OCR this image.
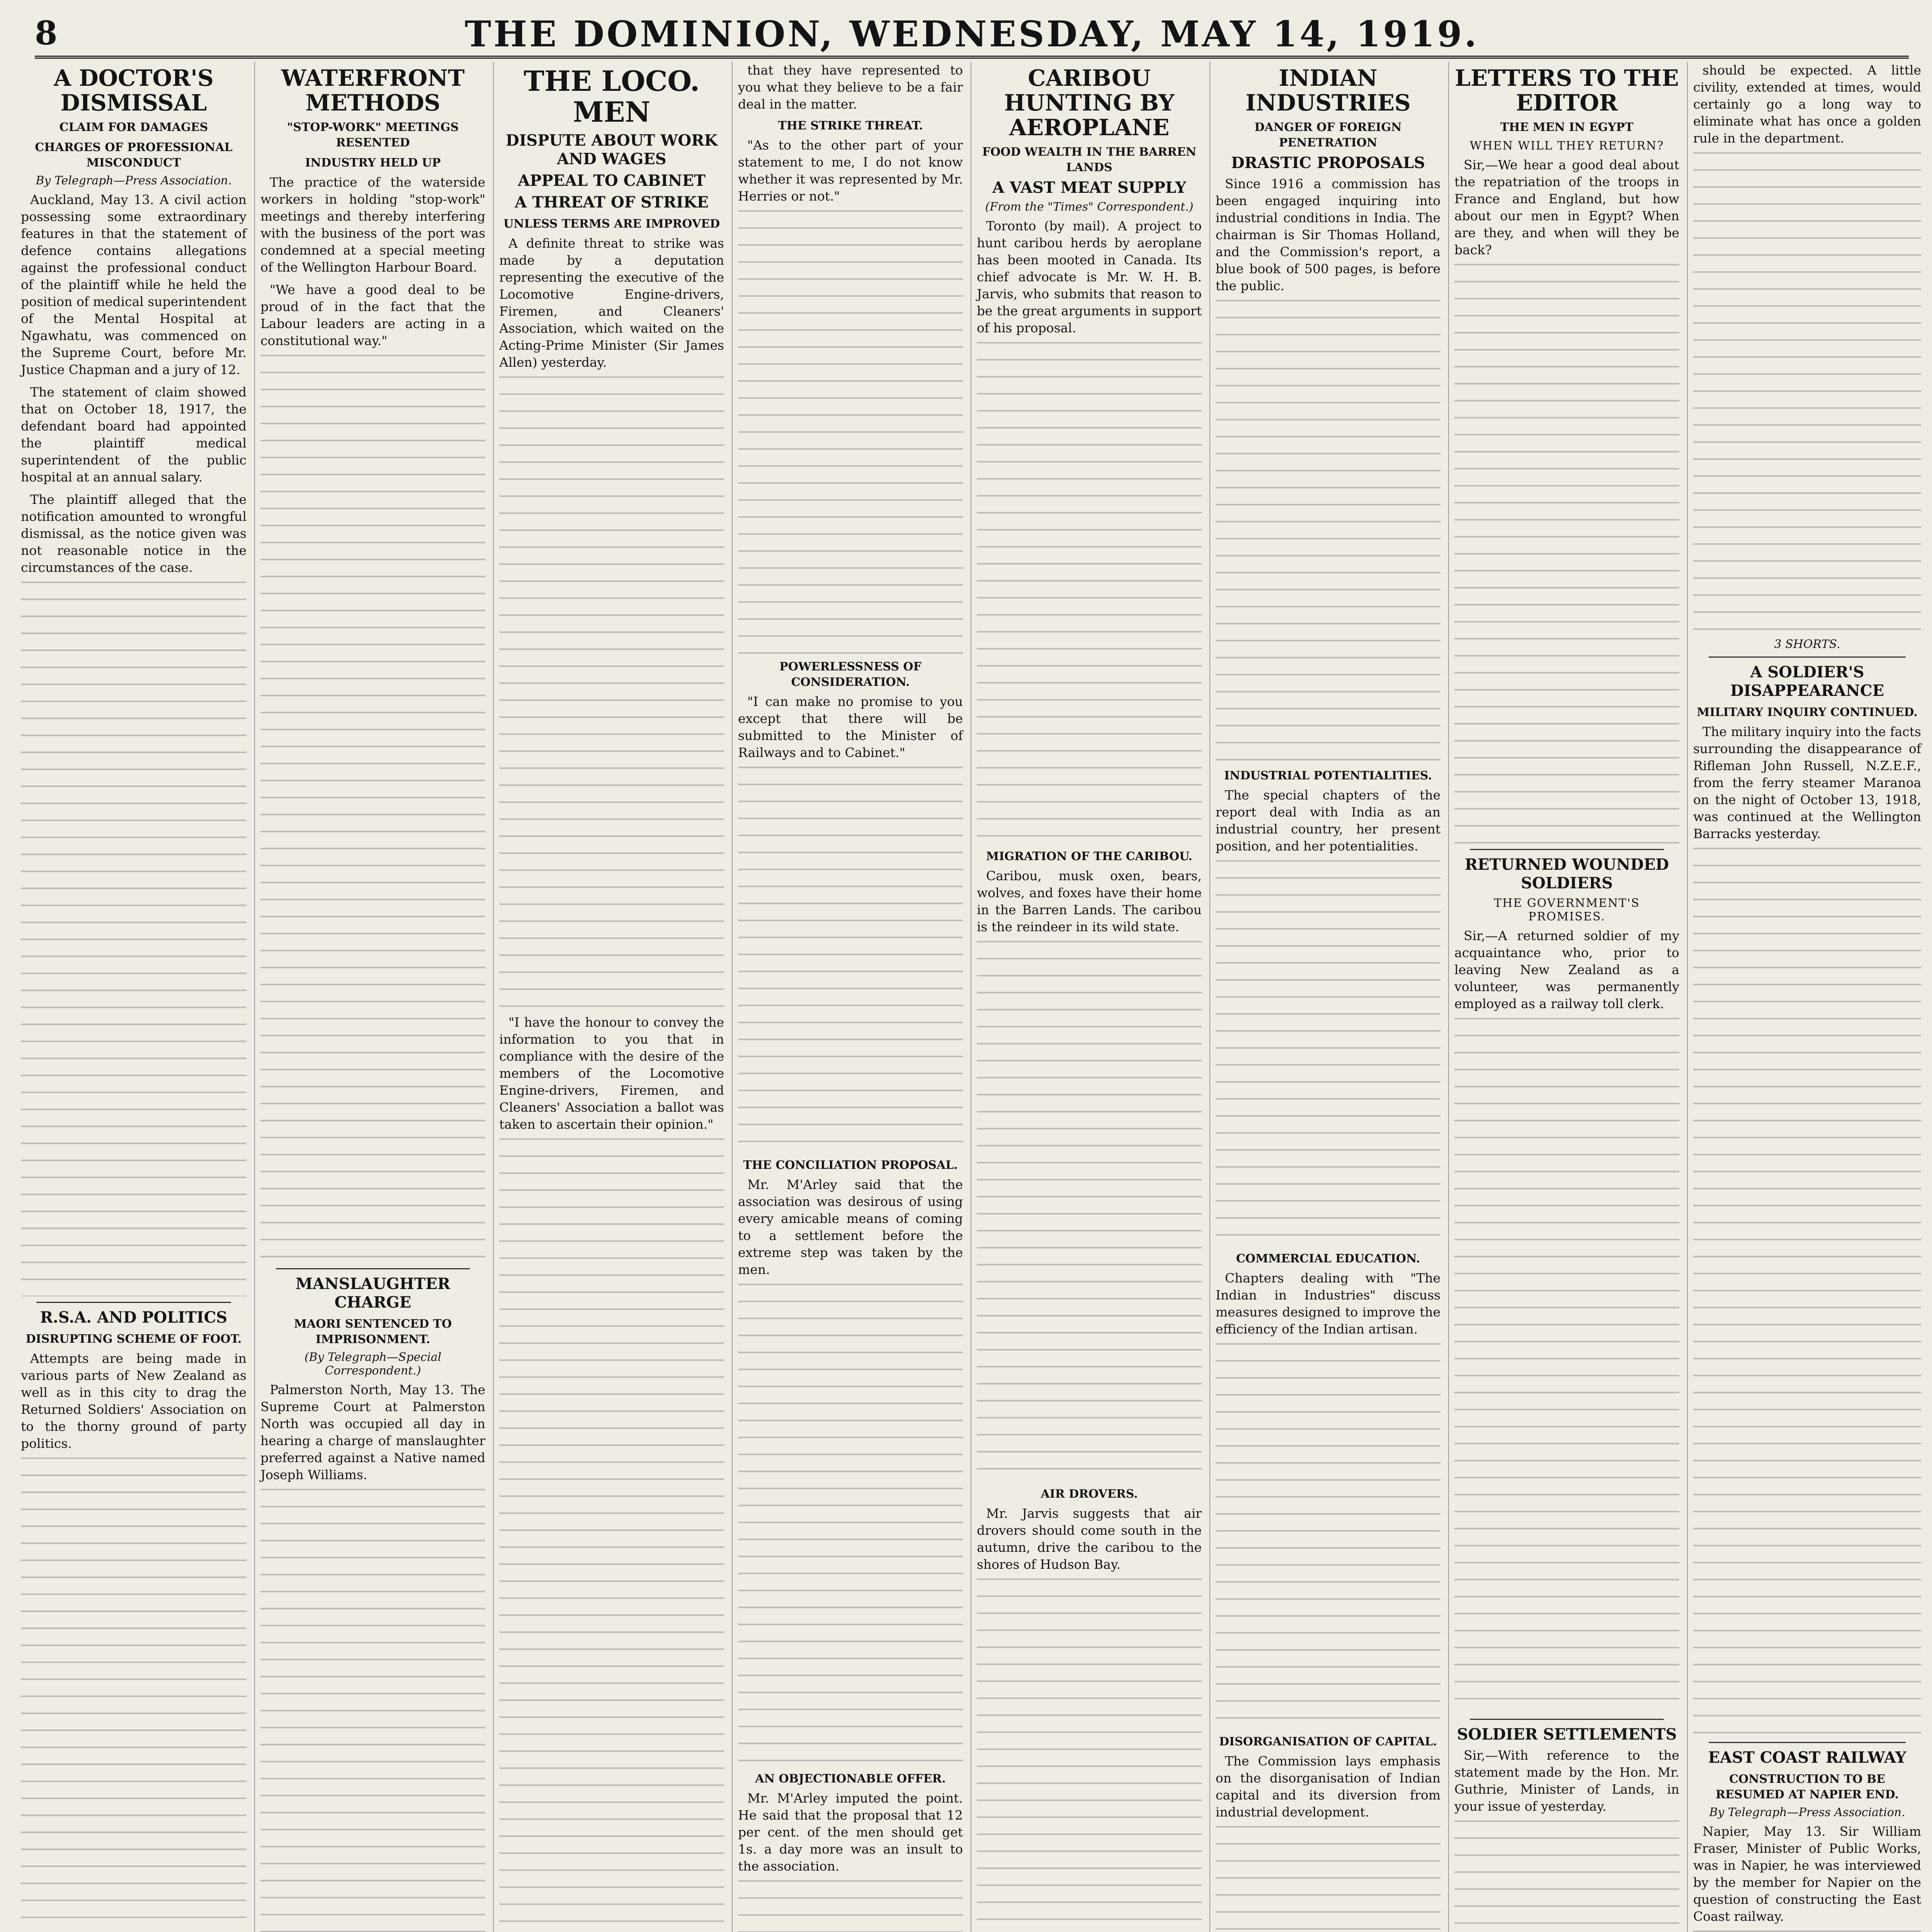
8	THE DOMINION, WEDNESDAY, MAY 14, 1919.
A DOCTOR'S DISMISSAL
CLAIM FOR DAMAGES
CHARGES OF PROFESSIONAL MISCONDUCT
By Telegraph—Press Association.

Auckland, May 13. A civil action possessing some extraordinary features in that the statement of defence contains allegations against the professional conduct of the plaintiff while he held the position of medical superintendent of the Mental Hospital at Ngawhatu, was commenced on the Supreme Court, before Mr. Justice Chapman and a jury of 12.

The statement of claim showed that on October 18, 1917, the defendant board had appointed the plaintiff medical superintendent of the public hospital at an annual salary.

The plaintiff alleged that the notification amounted to wrongful dismissal, as the notice given was not reasonable notice in the circumstances of the case.

R.S.A. AND POLITICS
DISRUPTING SCHEME OF FOOT.

Attempts are being made in various parts of New Zealand as well as in this city to drag the Returned Soldiers' Association on to the thorny ground of party politics.

WATERFRONT METHODS
"STOP-WORK" MEETINGS RESENTED
INDUSTRY HELD UP

The practice of the waterside workers in holding "stop-work" meetings and thereby interfering with the business of the port was condemned at a special meeting of the Wellington Harbour Board.

"We have a good deal to be proud of in the fact that the Labour leaders are acting in a constitutional way."

MANSLAUGHTER CHARGE
MAORI SENTENCED TO IMPRISONMENT.
(By Telegraph—Special Correspondent.)

Palmerston North, May 13. The Supreme Court at Palmerston North was occupied all day in hearing a charge of manslaughter preferred against a Native named Joseph Williams.

THE LOCO. MEN
DISPUTE ABOUT WORK AND WAGES
APPEAL TO CABINET
A THREAT OF STRIKE
UNLESS TERMS ARE IMPROVED

A definite threat to strike was made by a deputation representing the executive of the Locomotive Engine-drivers, Firemen, and Cleaners' Association, which waited on the Acting-Prime Minister (Sir James Allen) yesterday.

"I have the honour to convey the information to you that in compliance with the desire of the members of the Locomotive Engine-drivers, Firemen, and Cleaners' Association a ballot was taken to ascertain their opinion."

that they have represented to you what they believe to be a fair deal in the matter.

THE STRIKE THREAT.

"As to the other part of your statement to me, I do not know whether it was represented by Mr. Herries or not."

POWERLESSNESS OF CONSIDERATION.

"I can make no promise to you except that there will be submitted to the Minister of Railways and to Cabinet."

THE CONCILIATION PROPOSAL.

Mr. M'Arley said that the association was desirous of using every amicable means of coming to a settlement before the extreme step was taken by the men.

AN OBJECTIONABLE OFFER.

Mr. M'Arley imputed the point. He said that the proposal that 12 per cent. of the men should get 1s. a day more was an insult to the association.

CARIBOU HUNTING BY AEROPLANE
FOOD WEALTH IN THE BARREN LANDS
A VAST MEAT SUPPLY
(From the "Times" Correspondent.)

Toronto (by mail). A project to hunt caribou herds by aeroplane has been mooted in Canada. Its chief advocate is Mr. W. H. B. Jarvis, who submits that reason to be the great arguments in support of his proposal.

MIGRATION OF THE CARIBOU.

Caribou, musk oxen, bears, wolves, and foxes have their home in the Barren Lands. The caribou is the reindeer in its wild state.

AIR DROVERS.

Mr. Jarvis suggests that air drovers should come south in the autumn, drive the caribou to the shores of Hudson Bay.

INDIAN INDUSTRIES
DANGER OF FOREIGN PENETRATION
DRASTIC PROPOSALS

Since 1916 a commission has been engaged inquiring into industrial conditions in India. The chairman is Sir Thomas Holland, and the Commission's report, a blue book of 500 pages, is before the public.

INDUSTRIAL POTENTIALITIES.

The special chapters of the report deal with India as an industrial country, her present position, and her potentialities.

COMMERCIAL EDUCATION.

Chapters dealing with "The Indian in Industries" discuss measures designed to improve the efficiency of the Indian artisan.

DISORGANISATION OF CAPITAL.

The Commission lays emphasis on the disorganisation of Indian capital and its diversion from industrial development.

LETTERS TO THE EDITOR
THE MEN IN EGYPT
WHEN WILL THEY RETURN?

Sir,—We hear a good deal about the repatriation of the troops in France and England, but how about our men in Egypt? When are they, and when will they be back?

RETURNED WOUNDED SOLDIERS
THE GOVERNMENT'S PROMISES.

Sir,—A returned soldier of my acquaintance who, prior to leaving New Zealand as a volunteer, was permanently employed as a railway toll clerk.

SOLDIER SETTLEMENTS

Sir,—With reference to the statement made by the Hon. Mr. Guthrie, Minister of Lands, in your issue of yesterday.

should be expected. A little civility, extended at times, would certainly go a long way to eliminate what has once a golden rule in the department.

3 SHORTS.
A SOLDIER'S DISAPPEARANCE
MILITARY INQUIRY CONTINUED.

The military inquiry into the facts surrounding the disappearance of Rifleman John Russell, N.Z.E.F., from the ferry steamer Maranoa on the night of October 13, 1918, was continued at the Wellington Barracks yesterday.

EAST COAST RAILWAY
CONSTRUCTION TO BE RESUMED AT NAPIER END.
By Telegraph—Press Association.

Napier, May 13. Sir William Fraser, Minister of Public Works, was in Napier, he was interviewed by the member for Napier on the question of constructing the East Coast railway.
